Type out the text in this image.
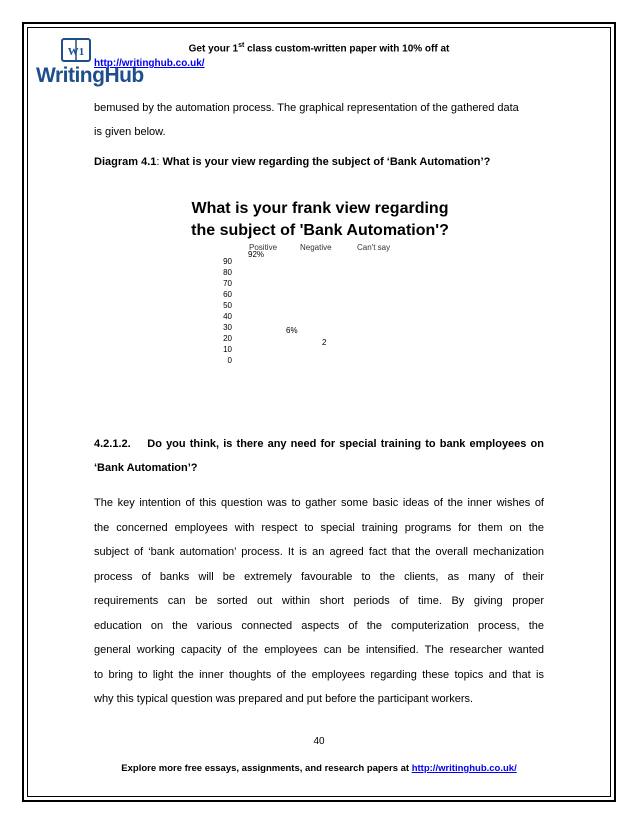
W1
WritingHub
Get your 1st class custom-written paper with 10% off at
http://writinghub.co.uk/
bemused by the automation process. The graphical representation of the gathered data
is given below.
Diagram 4.1: What is your view regarding the subject of ‘Bank Automation’?
What is your frank view regarding
the subject of 'Bank Automation'?
Positive	Negative	Can't say
90
80
70
60
50
40
30
20
10
0
92%
6%
2
4.2.1.2. Do you think, is there any need for special training to bank employees on
‘Bank Automation’?
The key intention of this question was to gather some basic ideas of the inner wishes of
the concerned employees with respect to special training programs for them on the
subject of ‘bank automation’ process. It is an agreed fact that the overall mechanization
process of banks will be extremely favourable to the clients, as many of their
requirements can be sorted out within short periods of time. By giving proper
education on the various connected aspects of the computerization process, the
general working capacity of the employees can be intensified. The researcher wanted
to bring to light the inner thoughts of the employees regarding these topics and that is
why this typical question was prepared and put before the participant workers.
40
Explore more free essays, assignments, and research papers at http://writinghub.co.uk/
